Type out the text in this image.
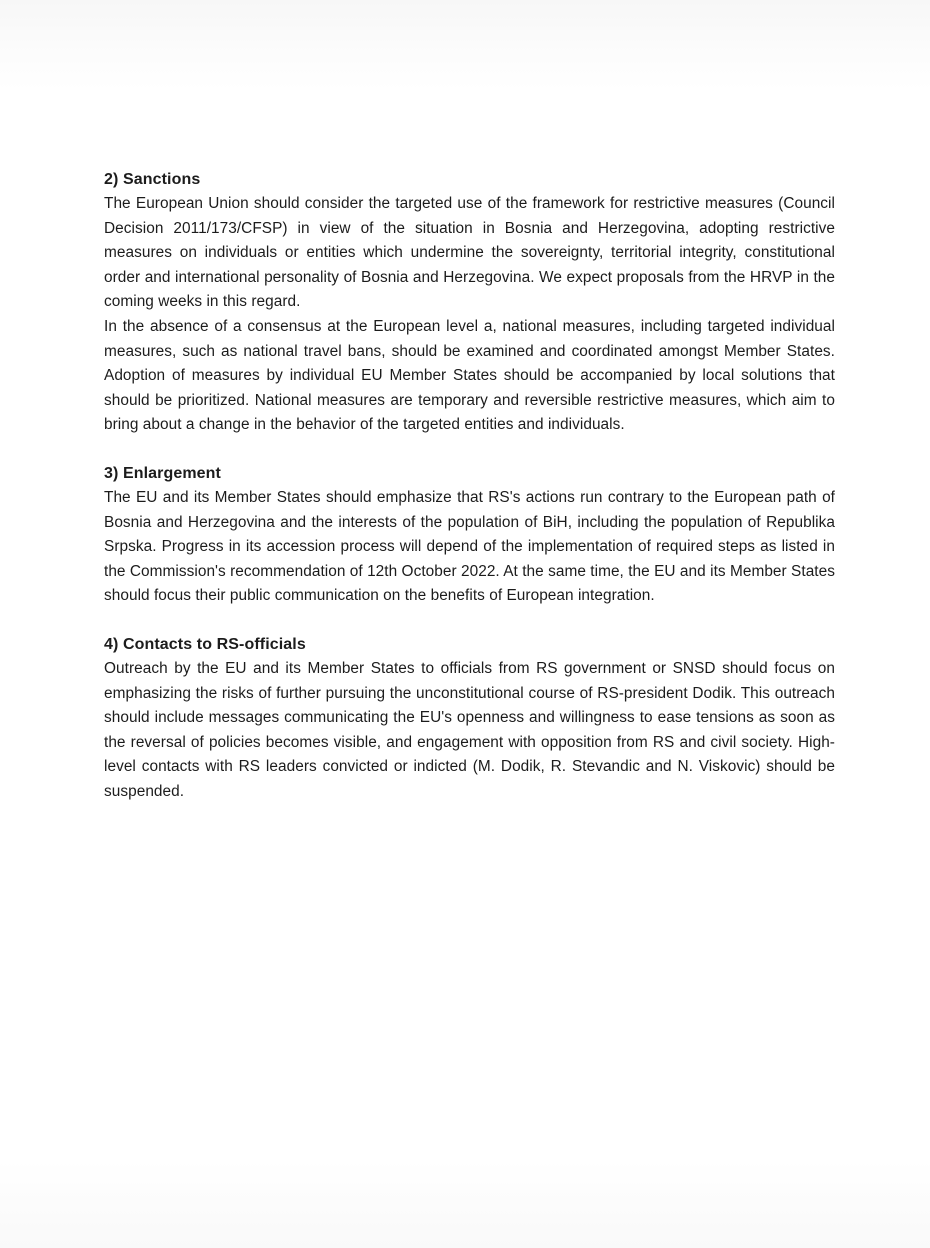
2) Sanctions

The European Union should consider the targeted use of the framework for restrictive measures (Council Decision 2011/173/CFSP) in view of the situation in Bosnia and Herzegovina, adopting restrictive measures on individuals or entities which undermine the sovereignty, territorial integrity, constitutional order and international personality of Bosnia and Herzegovina. We expect proposals from the HRVP in the coming weeks in this regard.

In the absence of a consensus at the European level a, national measures, including targeted individual measures, such as national travel bans, should be examined and coordinated amongst Member States. Adoption of measures by individual EU Member States should be accompanied by local solutions that should be prioritized. National measures are temporary and reversible restrictive measures, which aim to bring about a change in the behavior of the targeted entities and individuals.

3) Enlargement

The EU and its Member States should emphasize that RS's actions run contrary to the European path of Bosnia and Herzegovina and the interests of the population of BiH, including the population of Republika Srpska. Progress in its accession process will depend of the implementation of required steps as listed in the Commission's recommendation of 12th October 2022. At the same time, the EU and its Member States should focus their public communication on the benefits of European integration.

4) Contacts to RS-officials

Outreach by the EU and its Member States to officials from RS government or SNSD should focus on emphasizing the risks of further pursuing the unconstitutional course of RS-president Dodik. This outreach should include messages communicating the EU's openness and willingness to ease tensions as soon as the reversal of policies becomes visible, and engagement with opposition from RS and civil society. High-level contacts with RS leaders convicted or indicted (M. Dodik, R. Stevandic and N. Viskovic) should be suspended.
